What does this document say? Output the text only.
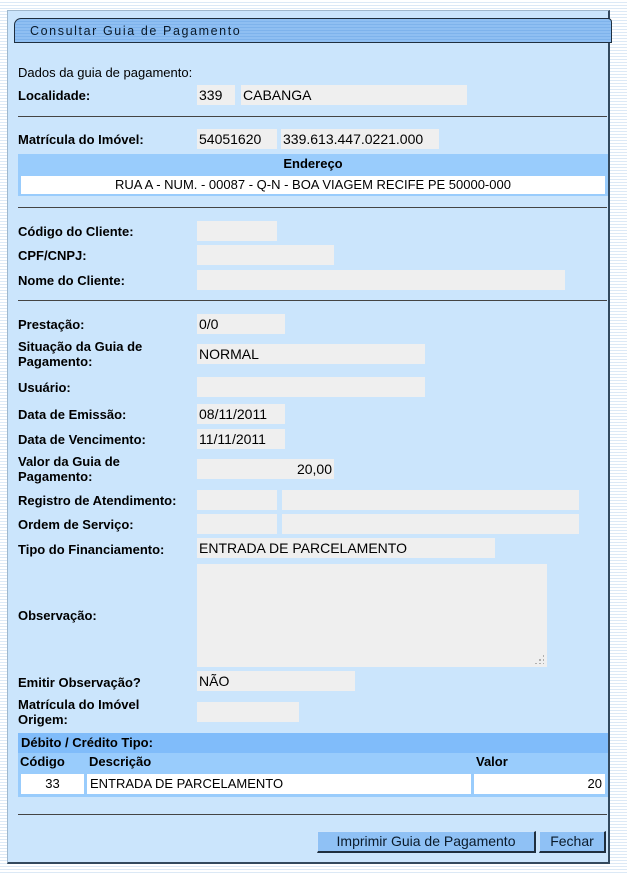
Consultar Guia de Pagamento
Dados da guia de pagamento:
Localidade:	339	CABANGA
Matrícula do Imóvel:	54051620	339.613.447.0221.000
Endereço
RUA A - NUM. - 00087 - Q-N - BOA VIAGEM RECIFE PE 50000-000
Código do Cliente:
CPF/CNPJ:
Nome do Cliente:
Prestação:	0/0
Situação da Guia de
Pagamento:	NORMAL
Usuário:
Data de Emissão:	08/11/2011
Data de Vencimento:	11/11/2011
Valor da Guia de
Pagamento:	20,00
Registro de Atendimento:
Ordem de Serviço:
Tipo do Financiamento: ENTRADA DE PARCELAMENTO
Observação:
Emitir Observação?	NÃO
Matrícula do Imóvel
Origem:
Débito / Crédito Tipo:
Código	Descrição	Valor
33	ENTRADA DE PARCELAMENTO	20
Imprimir Guia de Pagamento	Fechar
